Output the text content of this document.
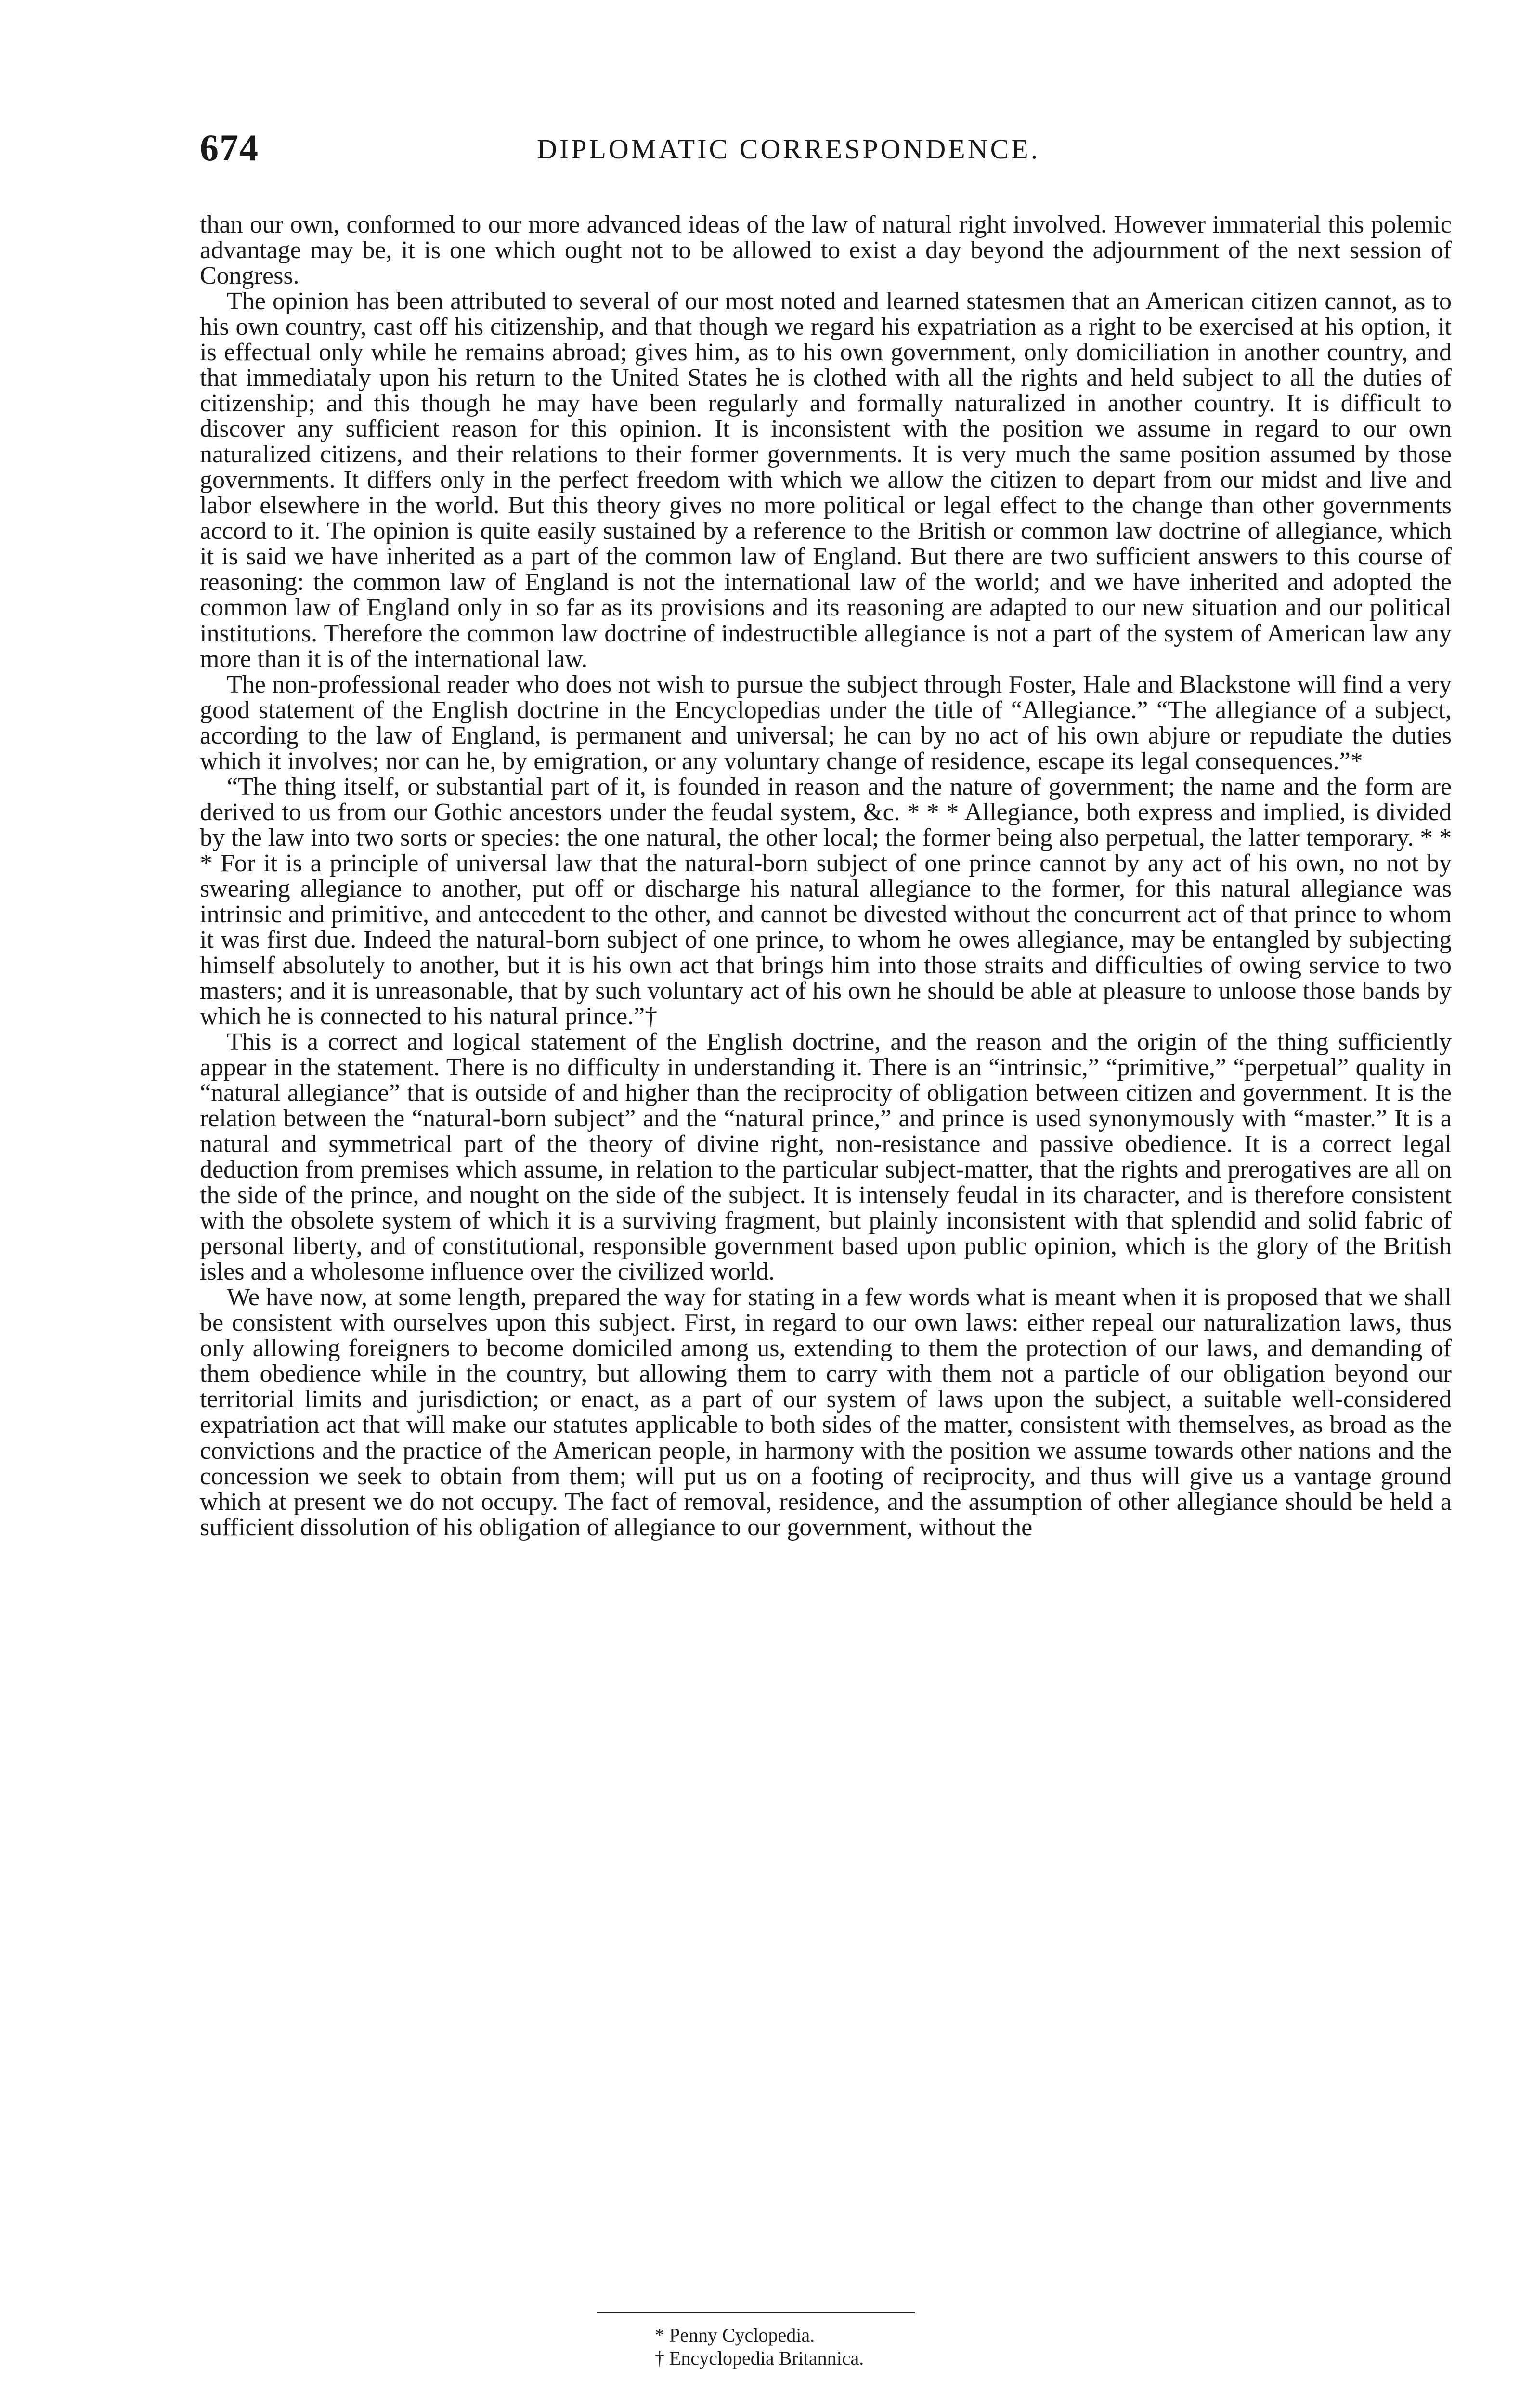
674	DIPLOMATIC CORRESPONDENCE.

than our own, conformed to our more advanced ideas of the law of natural right involved. However immaterial this polemic advantage may be, it is one which ought not to be allowed to exist a day beyond the adjournment of the next session of Congress.

The opinion has been attributed to several of our most noted and learned statesmen that an American citizen cannot, as to his own country, cast off his citizenship, and that though we regard his expatriation as a right to be exercised at his option, it is effectual only while he remains abroad; gives him, as to his own government, only domiciliation in another country, and that immediataly upon his return to the United States he is clothed with all the rights and held subject to all the duties of citizenship; and this though he may have been regularly and formally naturalized in another country. It is difficult to discover any sufficient reason for this opinion. It is inconsistent with the position we assume in regard to our own naturalized citizens, and their relations to their former governments. It is very much the same position assumed by those governments. It differs only in the perfect freedom with which we allow the citizen to depart from our midst and live and labor elsewhere in the world. But this theory gives no more political or legal effect to the change than other governments accord to it. The opinion is quite easily sustained by a reference to the British or common law doctrine of allegiance, which it is said we have inherited as a part of the common law of England. But there are two sufficient answers to this course of reasoning: the common law of England is not the international law of the world; and we have inherited and adopted the common law of England only in so far as its provisions and its reasoning are adapted to our new situation and our political institutions. Therefore the common law doctrine of indestructible allegiance is not a part of the system of American law any more than it is of the international law.

The non-professional reader who does not wish to pursue the subject through Foster, Hale and Blackstone will find a very good statement of the English doctrine in the Encyclopedias under the title of “Allegiance.” “The allegiance of a subject, according to the law of England, is permanent and universal; he can by no act of his own abjure or repudiate the duties which it involves; nor can he, by emigration, or any voluntary change of residence, escape its legal consequences.”*

“The thing itself, or substantial part of it, is founded in reason and the nature of government; the name and the form are derived to us from our Gothic ancestors under the feudal system, &c. * * * Allegiance, both express and implied, is divided by the law into two sorts or species: the one natural, the other local; the former being also perpetual, the latter temporary. * * * For it is a principle of universal law that the natural-born subject of one prince cannot by any act of his own, no not by swearing allegiance to another, put off or discharge his natural allegiance to the former, for this natural allegiance was intrinsic and primitive, and antecedent to the other, and cannot be divested without the concurrent act of that prince to whom it was first due. Indeed the natural-born subject of one prince, to whom he owes allegiance, may be entangled by subjecting himself absolutely to another, but it is his own act that brings him into those straits and difficulties of owing service to two masters; and it is unreasonable, that by such voluntary act of his own he should be able at pleasure to unloose those bands by which he is connected to his natural prince.”†

This is a correct and logical statement of the English doctrine, and the reason and the origin of the thing sufficiently appear in the statement. There is no difficulty in understanding it. There is an “intrinsic,” “primitive,” “perpetual” quality in “natural allegiance” that is outside of and higher than the reciprocity of obligation between citizen and government. It is the relation between the “natural-born subject” and the “natural prince,” and prince is used synonymously with “master.” It is a natural and symmetrical part of the theory of divine right, non-resistance and passive obedience. It is a correct legal deduction from premises which assume, in relation to the particular subject-matter, that the rights and prerogatives are all on the side of the prince, and nought on the side of the subject. It is intensely feudal in its character, and is therefore consistent with the obsolete system of which it is a surviving fragment, but plainly inconsistent with that splendid and solid fabric of personal liberty, and of constitutional, responsible government based upon public opinion, which is the glory of the British isles and a wholesome influence over the civilized world.

We have now, at some length, prepared the way for stating in a few words what is meant when it is proposed that we shall be consistent with ourselves upon this subject. First, in regard to our own laws: either repeal our naturalization laws, thus only allowing foreigners to become domiciled among us, extending to them the protection of our laws, and demanding of them obedience while in the country, but allowing them to carry with them not a particle of our obligation beyond our territorial limits and jurisdiction; or enact, as a part of our system of laws upon the subject, a suitable well-considered expatriation act that will make our statutes applicable to both sides of the matter, consistent with themselves, as broad as the convictions and the practice of the American people, in harmony with the position we assume towards other nations and the concession we seek to obtain from them; will put us on a footing of reciprocity, and thus will give us a vantage ground which at present we do not occupy. The fact of removal, residence, and the assumption of other allegiance should be held a sufficient dissolution of his obligation of allegiance to our government, without the

* Penny Cyclopedia.
† Encyclopedia Britannica.
